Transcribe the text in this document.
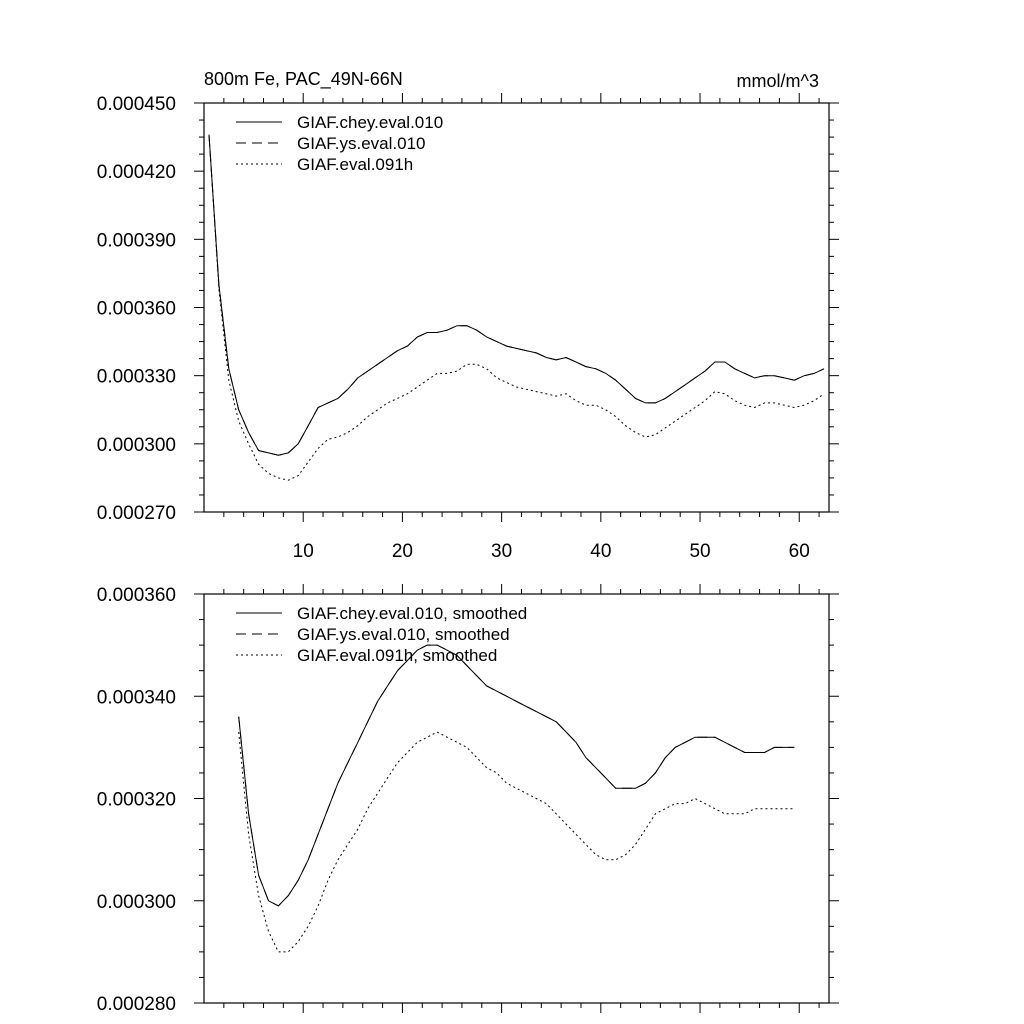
10	20	30	40	50	60
0.000270
0.000300
0.000330
0.000360
0.000390
0.000420
0.000450
800m Fe, PAC_49N-66N	mmol/m^3
GIAF.chey.eval.010
GIAF.ys.eval.010
GIAF.eval.091h
0.000280
0.000300
0.000320
0.000340
0.000360
GIAF.chey.eval.010, smoothed
GIAF.ys.eval.010, smoothed
GIAF.eval.091h, smoothed
